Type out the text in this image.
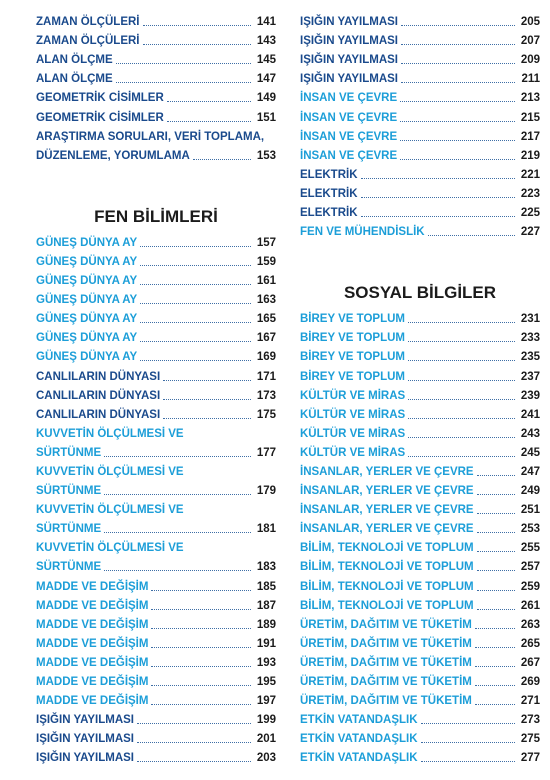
ZAMAN ÖLÇÜLERİ	141
ZAMAN ÖLÇÜLERİ	143
ALAN ÖLÇME	145
ALAN ÖLÇME	147
GEOMETRİK CİSİMLER	149
GEOMETRİK CİSİMLER	151
ARAŞTIRMA SORULARI, VERİ TOPLAMA,
DÜZENLEME, YORUMLAMA	153
FEN BİLİMLERİ
GÜNEŞ DÜNYA AY	157
GÜNEŞ DÜNYA AY	159
GÜNEŞ DÜNYA AY	161
GÜNEŞ DÜNYA AY	163
GÜNEŞ DÜNYA AY	165
GÜNEŞ DÜNYA AY	167
GÜNEŞ DÜNYA AY	169
CANLILARIN DÜNYASI	171
CANLILARIN DÜNYASI	173
CANLILARIN DÜNYASI	175
KUVVETİN ÖLÇÜLMESİ VE
SÜRTÜNME	177
KUVVETİN ÖLÇÜLMESİ VE
SÜRTÜNME	179
KUVVETİN ÖLÇÜLMESİ VE
SÜRTÜNME	181
KUVVETİN ÖLÇÜLMESİ VE
SÜRTÜNME	183
MADDE VE DEĞİŞİM	185
MADDE VE DEĞİŞİM	187
MADDE VE DEĞİŞİM	189
MADDE VE DEĞİŞİM	191
MADDE VE DEĞİŞİM	193
MADDE VE DEĞİŞİM	195
MADDE VE DEĞİŞİM	197
IŞIĞIN YAYILMASI	199
IŞIĞIN YAYILMASI	201
IŞIĞIN YAYILMASI	203
IŞIĞIN YAYILMASI	205
IŞIĞIN YAYILMASI	207
IŞIĞIN YAYILMASI	209
IŞIĞIN YAYILMASI	211
İNSAN VE ÇEVRE	213
İNSAN VE ÇEVRE	215
İNSAN VE ÇEVRE	217
İNSAN VE ÇEVRE	219
ELEKTRİK	221
ELEKTRİK	223
ELEKTRİK	225
FEN VE MÜHENDİSLİK	227
SOSYAL BİLGİLER
BİREY VE TOPLUM	231
BİREY VE TOPLUM	233
BİREY VE TOPLUM	235
BİREY VE TOPLUM	237
KÜLTÜR VE MİRAS	239
KÜLTÜR VE MİRAS	241
KÜLTÜR VE MİRAS	243
KÜLTÜR VE MİRAS	245
İNSANLAR, YERLER VE ÇEVRE	247
İNSANLAR, YERLER VE ÇEVRE	249
İNSANLAR, YERLER VE ÇEVRE	251
İNSANLAR, YERLER VE ÇEVRE	253
BİLİM, TEKNOLOJİ VE TOPLUM	255
BİLİM, TEKNOLOJİ VE TOPLUM	257
BİLİM, TEKNOLOJİ VE TOPLUM	259
BİLİM, TEKNOLOJİ VE TOPLUM	261
ÜRETİM, DAĞITIM VE TÜKETİM	263
ÜRETİM, DAĞITIM VE TÜKETİM	265
ÜRETİM, DAĞITIM VE TÜKETİM	267
ÜRETİM, DAĞITIM VE TÜKETİM	269
ÜRETİM, DAĞITIM VE TÜKETİM	271
ETKİN VATANDAŞLIK	273
ETKİN VATANDAŞLIK	275
ETKİN VATANDAŞLIK	277
